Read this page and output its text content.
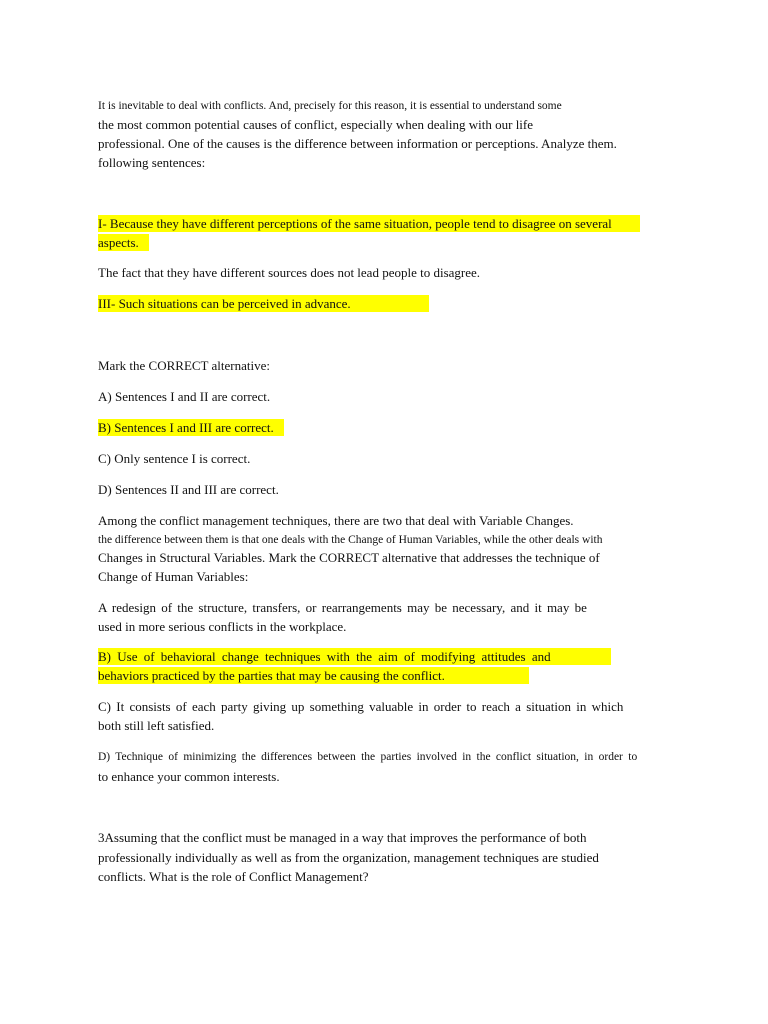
It is inevitable to deal with conflicts. And, precisely for this reason, it is essential to understand some
the most common potential causes of conflict, especially when dealing with our life
professional. One of the causes is the difference between information or perceptions. Analyze them.
following sentences:
I- Because they have different perceptions of the same situation, people tend to disagree on several
aspects.
The fact that they have different sources does not lead people to disagree.
III- Such situations can be perceived in advance.
Mark the CORRECT alternative:
A) Sentences I and II are correct.
B) Sentences I and III are correct.
C) Only sentence I is correct.
D) Sentences II and III are correct.
Among the conflict management techniques, there are two that deal with Variable Changes.
the difference between them is that one deals with the Change of Human Variables, while the other deals with
Changes in Structural Variables. Mark the CORRECT alternative that addresses the technique of
Change of Human Variables:
A redesign of the structure, transfers, or rearrangements may be necessary, and it may be
used in more serious conflicts in the workplace.
B) Use of behavioral change techniques with the aim of modifying attitudes and
behaviors practiced by the parties that may be causing the conflict.
C) It consists of each party giving up something valuable in order to reach a situation in which
both still left satisfied.
D) Technique of minimizing the differences between the parties involved in the conflict situation, in order to
to enhance your common interests.
3Assuming that the conflict must be managed in a way that improves the performance of both
professionally individually as well as from the organization, management techniques are studied
conflicts. What is the role of Conflict Management?
